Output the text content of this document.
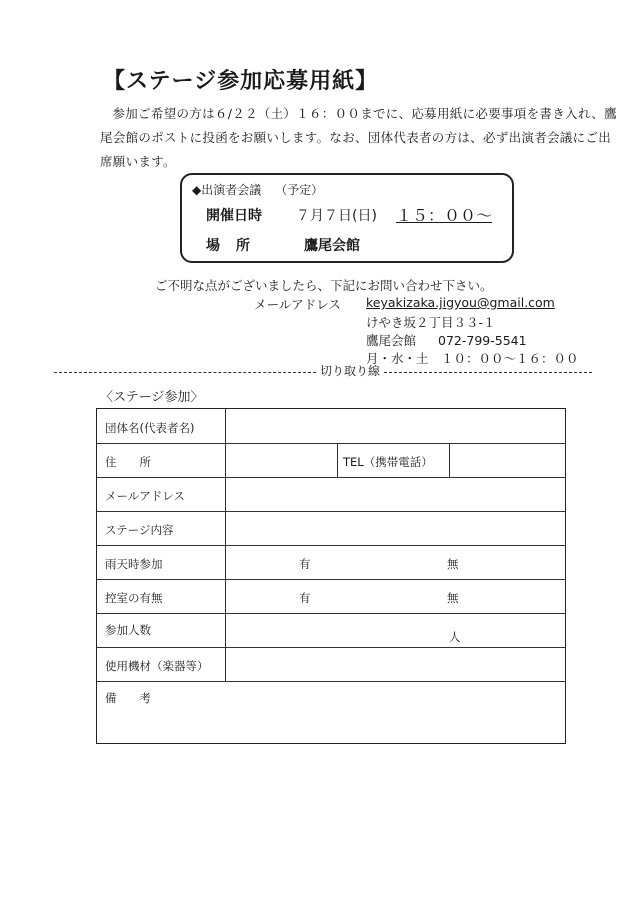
【ステージ参加応募用紙】
参加ご希望の方は６/２２（土）１６：００までに、応募用紙に必要事項を書き入れ、鷹尾会館のポストに投函をお願いします。なお、団体代表者の方は、必ず出演者会議にご出席願います。
◆出演者会議 （予定）
開催日時 ７月７日(日) １５：００～
場所	鷹尾会館
ご不明な点がございましたら、下記にお問い合わせ下さい。
メールアドレス keyakizaka.jigyou@gmail.com
けやき坂２丁目３３-１
鷹尾会館 072-799-5541
月・水・土　１０：００～１６：００
切り取り線
〈ステージ参加〉
団体名(代表者名)
住　　所	TEL（携帯電話）
メールアドレス
ステージ内容
雨天時参加	有	無
控室の有無	有	無
参加人数	人
使用機材（楽器等）
備　　考
